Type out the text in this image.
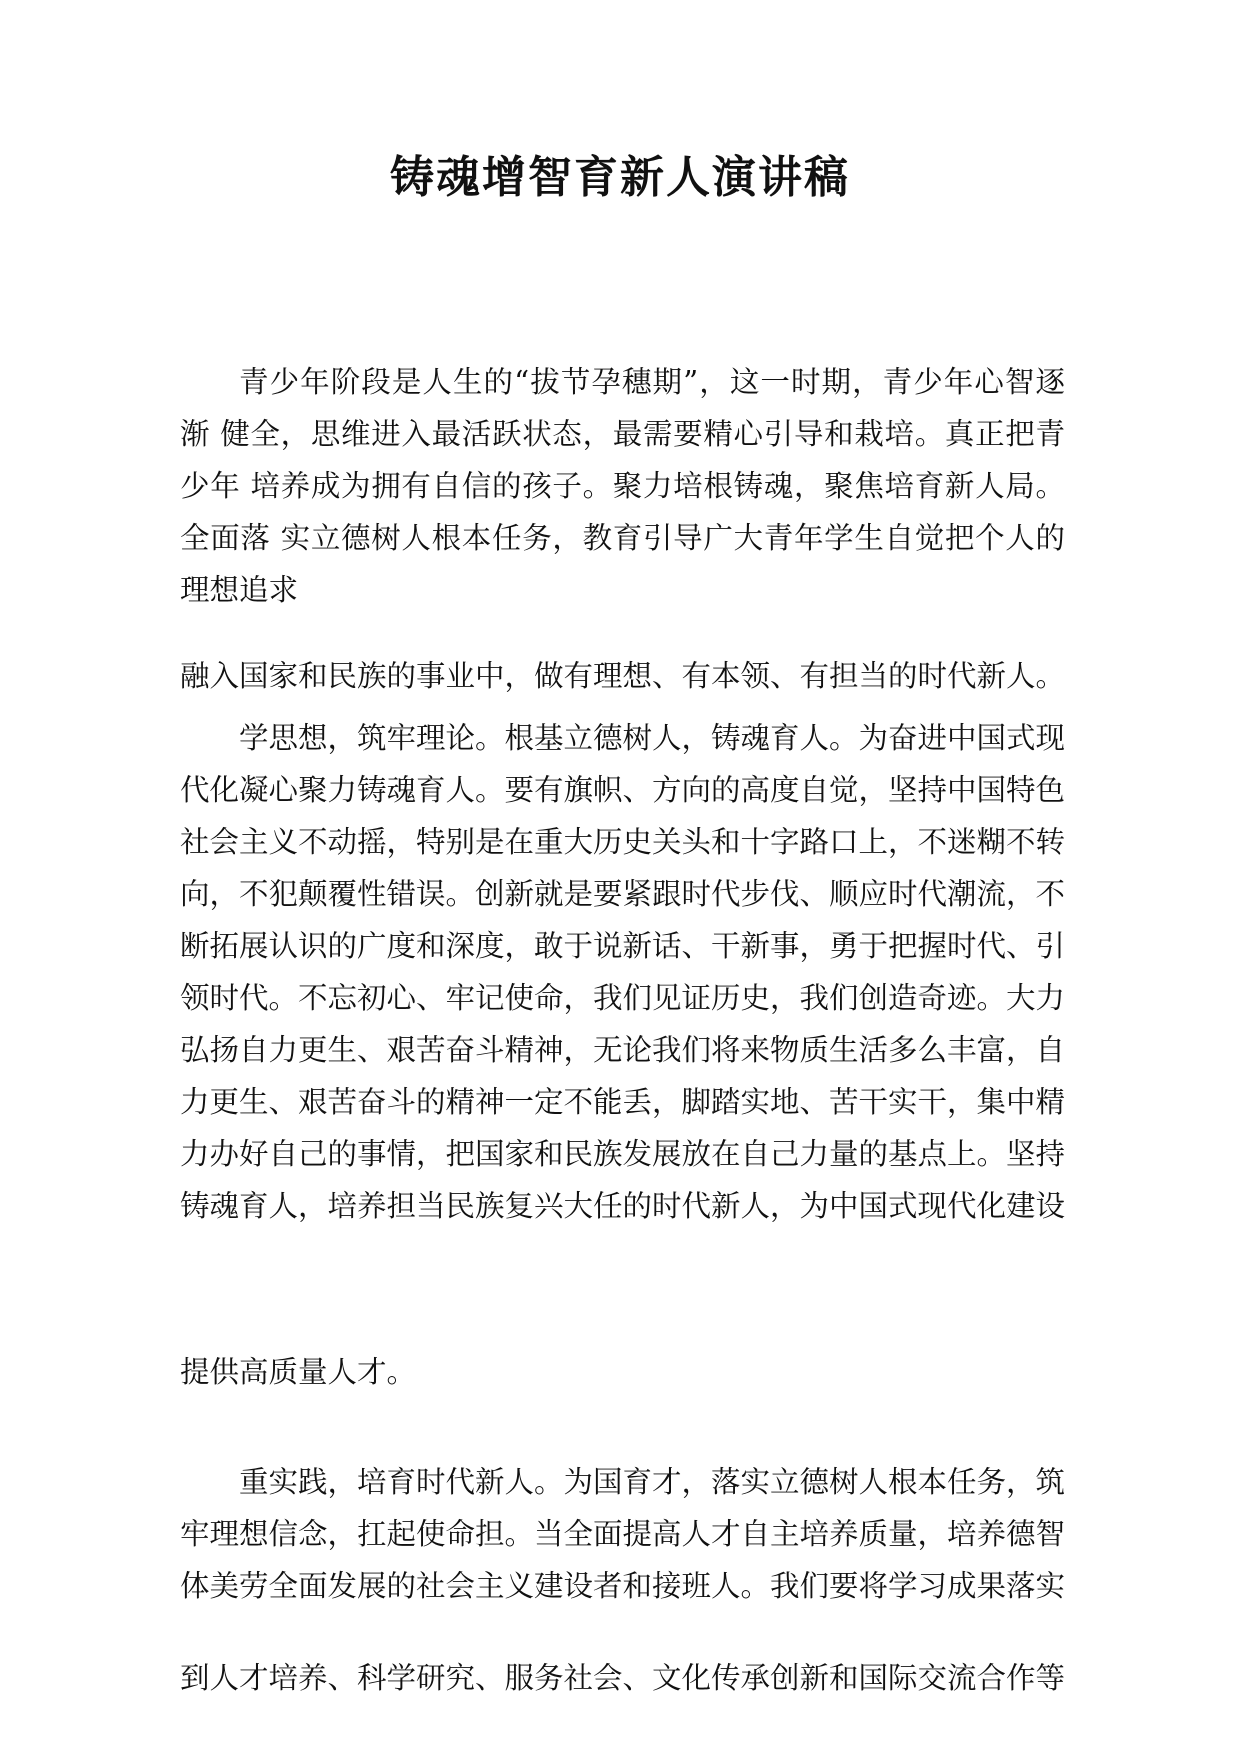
铸魂增智育新人演讲稿

青少年阶段是人生的“拔节孕穗期”，这一时期，青少年心智逐渐 健全，思维进入最活跃状态，最需要精心引导和栽培。真正把青少年 培养成为拥有自信的孩子。聚力培根铸魂，聚焦培育新人局。全面落 实立德树人根本任务，教育引导广大青年学生自觉把个人的理想追求

融入国家和民族的事业中，做有理想、有本领、有担当的时代新人。

学思想，筑牢理论。根基立德树人，铸魂育人。为奋进中国式现代化凝心聚力铸魂育人。要有旗帜、方向的高度自觉，坚持中国特色社会主义不动摇，特别是在重大历史关头和十字路口上，不迷糊不转向，不犯颠覆性错误。创新就是要紧跟时代步伐、顺应时代潮流，不断拓展认识的广度和深度，敢于说新话、干新事，勇于把握时代、引领时代。不忘初心、牢记使命，我们见证历史，我们创造奇迹。大力弘扬自力更生、艰苦奋斗精神，无论我们将来物质生活多么丰富，自 力更生、艰苦奋斗的精神一定不能丢，脚踏实地、苦干实干，集中精 力办好自己的事情，把国家和民族发展放在自己力量的基点上。坚持 铸魂育人，培养担当民族复兴大任的时代新人，为中国式现代化建设

提供高质量人才。

重实践，培育时代新人。为国育才，落实立德树人根本任务，筑牢理想信念，扛起使命担。当全面提高人才自主培养质量，培养德智体美劳全面发展的社会主义建设者和接班人。我们要将学习成果落实

到人才培养、科学研究、服务社会、文化传承创新和国际交流合作等
